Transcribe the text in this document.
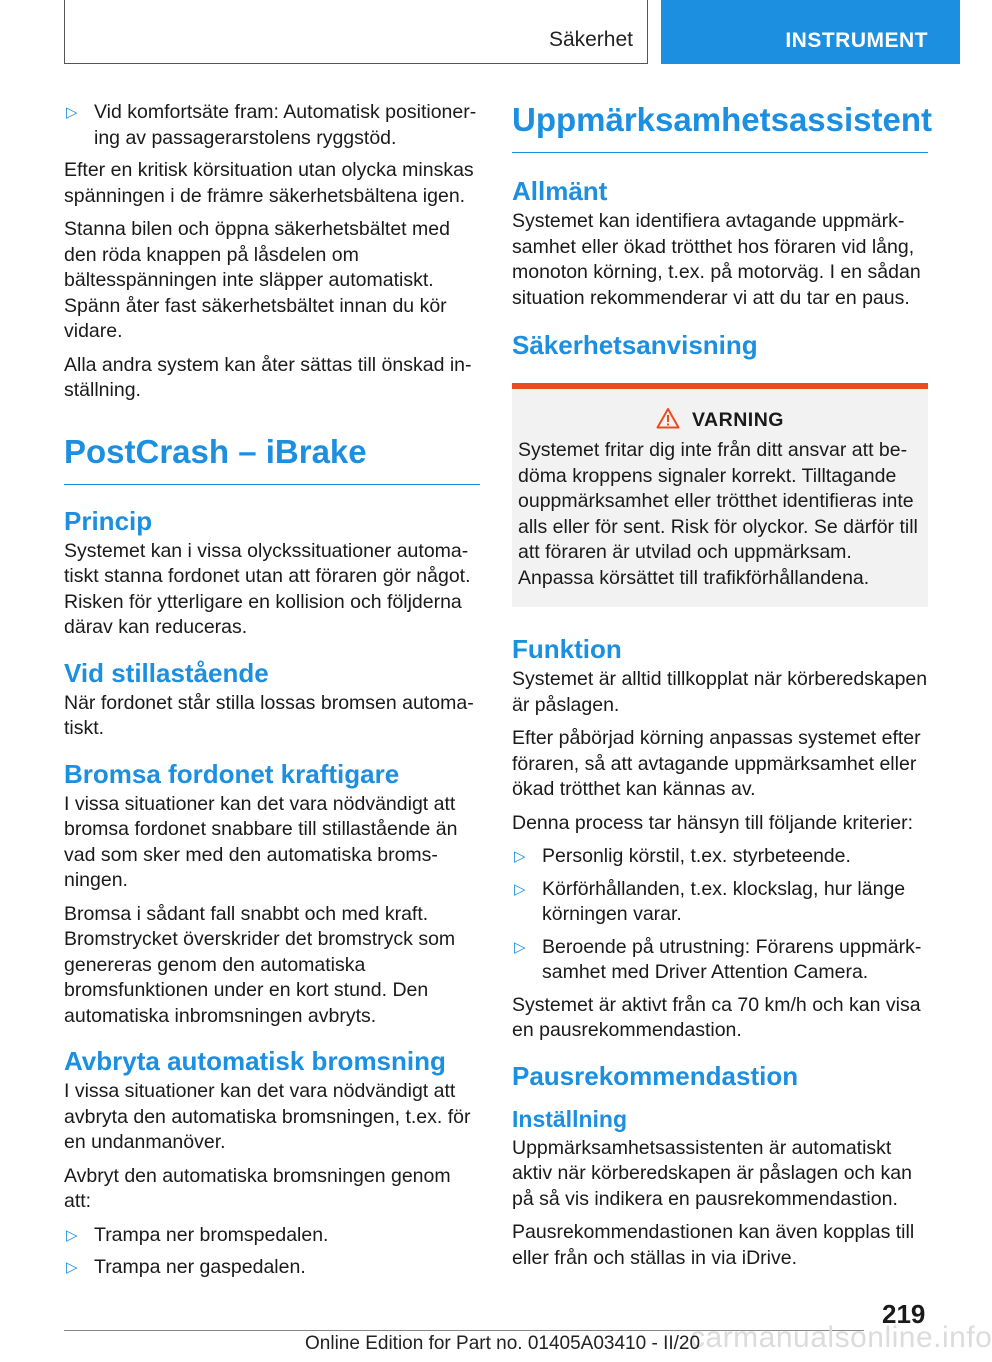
Säkerhet	INSTRUMENT
▷ Vid komfortsäte fram: Automatisk positionering av passagerarstolens ryggstöd.

Efter en kritisk körsituation utan olycka minskas spänningen i de främre säkerhetsbältena igen.

Stanna bilen och öppna säkerhetsbältet med den röda knappen på låsdelen om bältesspänningen inte släpper automatiskt. Spänn åter fast säkerhetsbältet innan du kör vidare.

Alla andra system kan åter sättas till önskad inställning.

PostCrash – iBrake
Princip

Systemet kan i vissa olyckssituationer automatiskt stanna fordonet utan att föraren gör något. Risken för ytterligare en kollision och följderna därav kan reduceras.

Vid stillastående

När fordonet står stilla lossas bromsen automatiskt.

Bromsa fordonet kraftigare

I vissa situationer kan det vara nödvändigt att bromsa fordonet snabbare till stillastående än vad som sker med den automatiska bromsningen.

Bromsa i sådant fall snabbt och med kraft. Bromstrycket överskrider det bromstryck som genereras genom den automatiska bromsfunktionen under en kort stund. Den automatiska inbromsningen avbryts.

Avbryta automatisk bromsning

I vissa situationer kan det vara nödvändigt att avbryta den automatiska bromsningen, t.ex. för en undanmanöver.

Avbryt den automatiska bromsningen genom att:

▷ Trampa ner bromspedalen.
▷ Trampa ner gaspedalen.
Uppmärksamhetsassistent
Allmänt

Systemet kan identifiera avtagande uppmärksamhet eller ökad trötthet hos föraren vid lång, monoton körning, t.ex. på motorväg. I en sådan situation rekommenderar vi att du tar en paus.

Säkerhetsanvisning
VARNING

Systemet fritar dig inte från ditt ansvar att bedöma kroppens signaler korrekt. Tilltagande ouppmärksamhet eller trötthet identifieras inte alls eller för sent. Risk för olyckor. Se därför till att föraren är utvilad och uppmärksam. Anpassa körsättet till trafikförhållandena.

Funktion

Systemet är alltid tillkopplat när körberedskapen är påslagen.

Efter påbörjad körning anpassas systemet efter föraren, så att avtagande uppmärksamhet eller ökad trötthet kan kännas av.

Denna process tar hänsyn till följande kriterier:

▷ Personlig körstil, t.ex. styrbeteende.
▷ Körförhållanden, t.ex. klockslag, hur länge körningen varar.
▷ Beroende på utrustning: Förarens uppmärksamhet med Driver Attention Camera.

Systemet är aktivt från ca 70 km/h och kan visa en pausrekommendastion.

Pausrekommendastion
Inställning

Uppmärksamhetsassistenten är automatiskt aktiv när körberedskapen är påslagen och kan på så vis indikera en pausrekommendastion.

Pausrekommendastionen kan även kopplas till eller från och ställas in via iDrive.

219
carmanualsonline.info
Online Edition for Part no. 01405A03410 - II/20
